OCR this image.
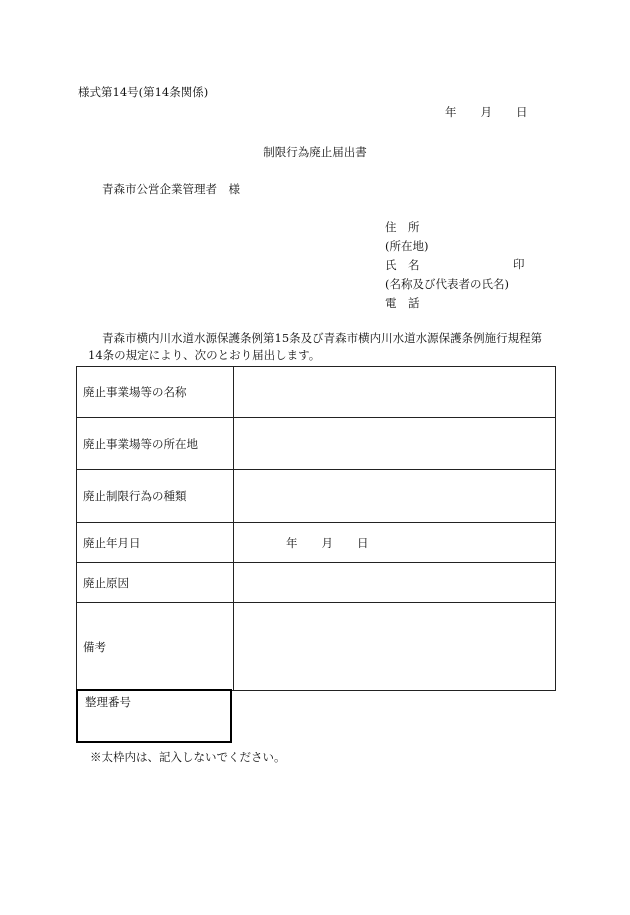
様式第14号(第14条関係)
年 月 日
制限行為廃止届出書
青森市公営企業管理者　様
住　所
(所在地)
氏　名
(名称及び代表者の氏名)
電　話
印
青森市横内川水道水源保護条例第15条及び青森市横内川水道水源保護条例施行規程第14条の規定により、次のとおり届出します。
廃止事業場等の名称	
廃止事業場等の所在地	
廃止制限行為の種類	
廃止年月日	年 月 日
廃止原因	
備考	
整理番号
※太枠内は、記入しないでください。
